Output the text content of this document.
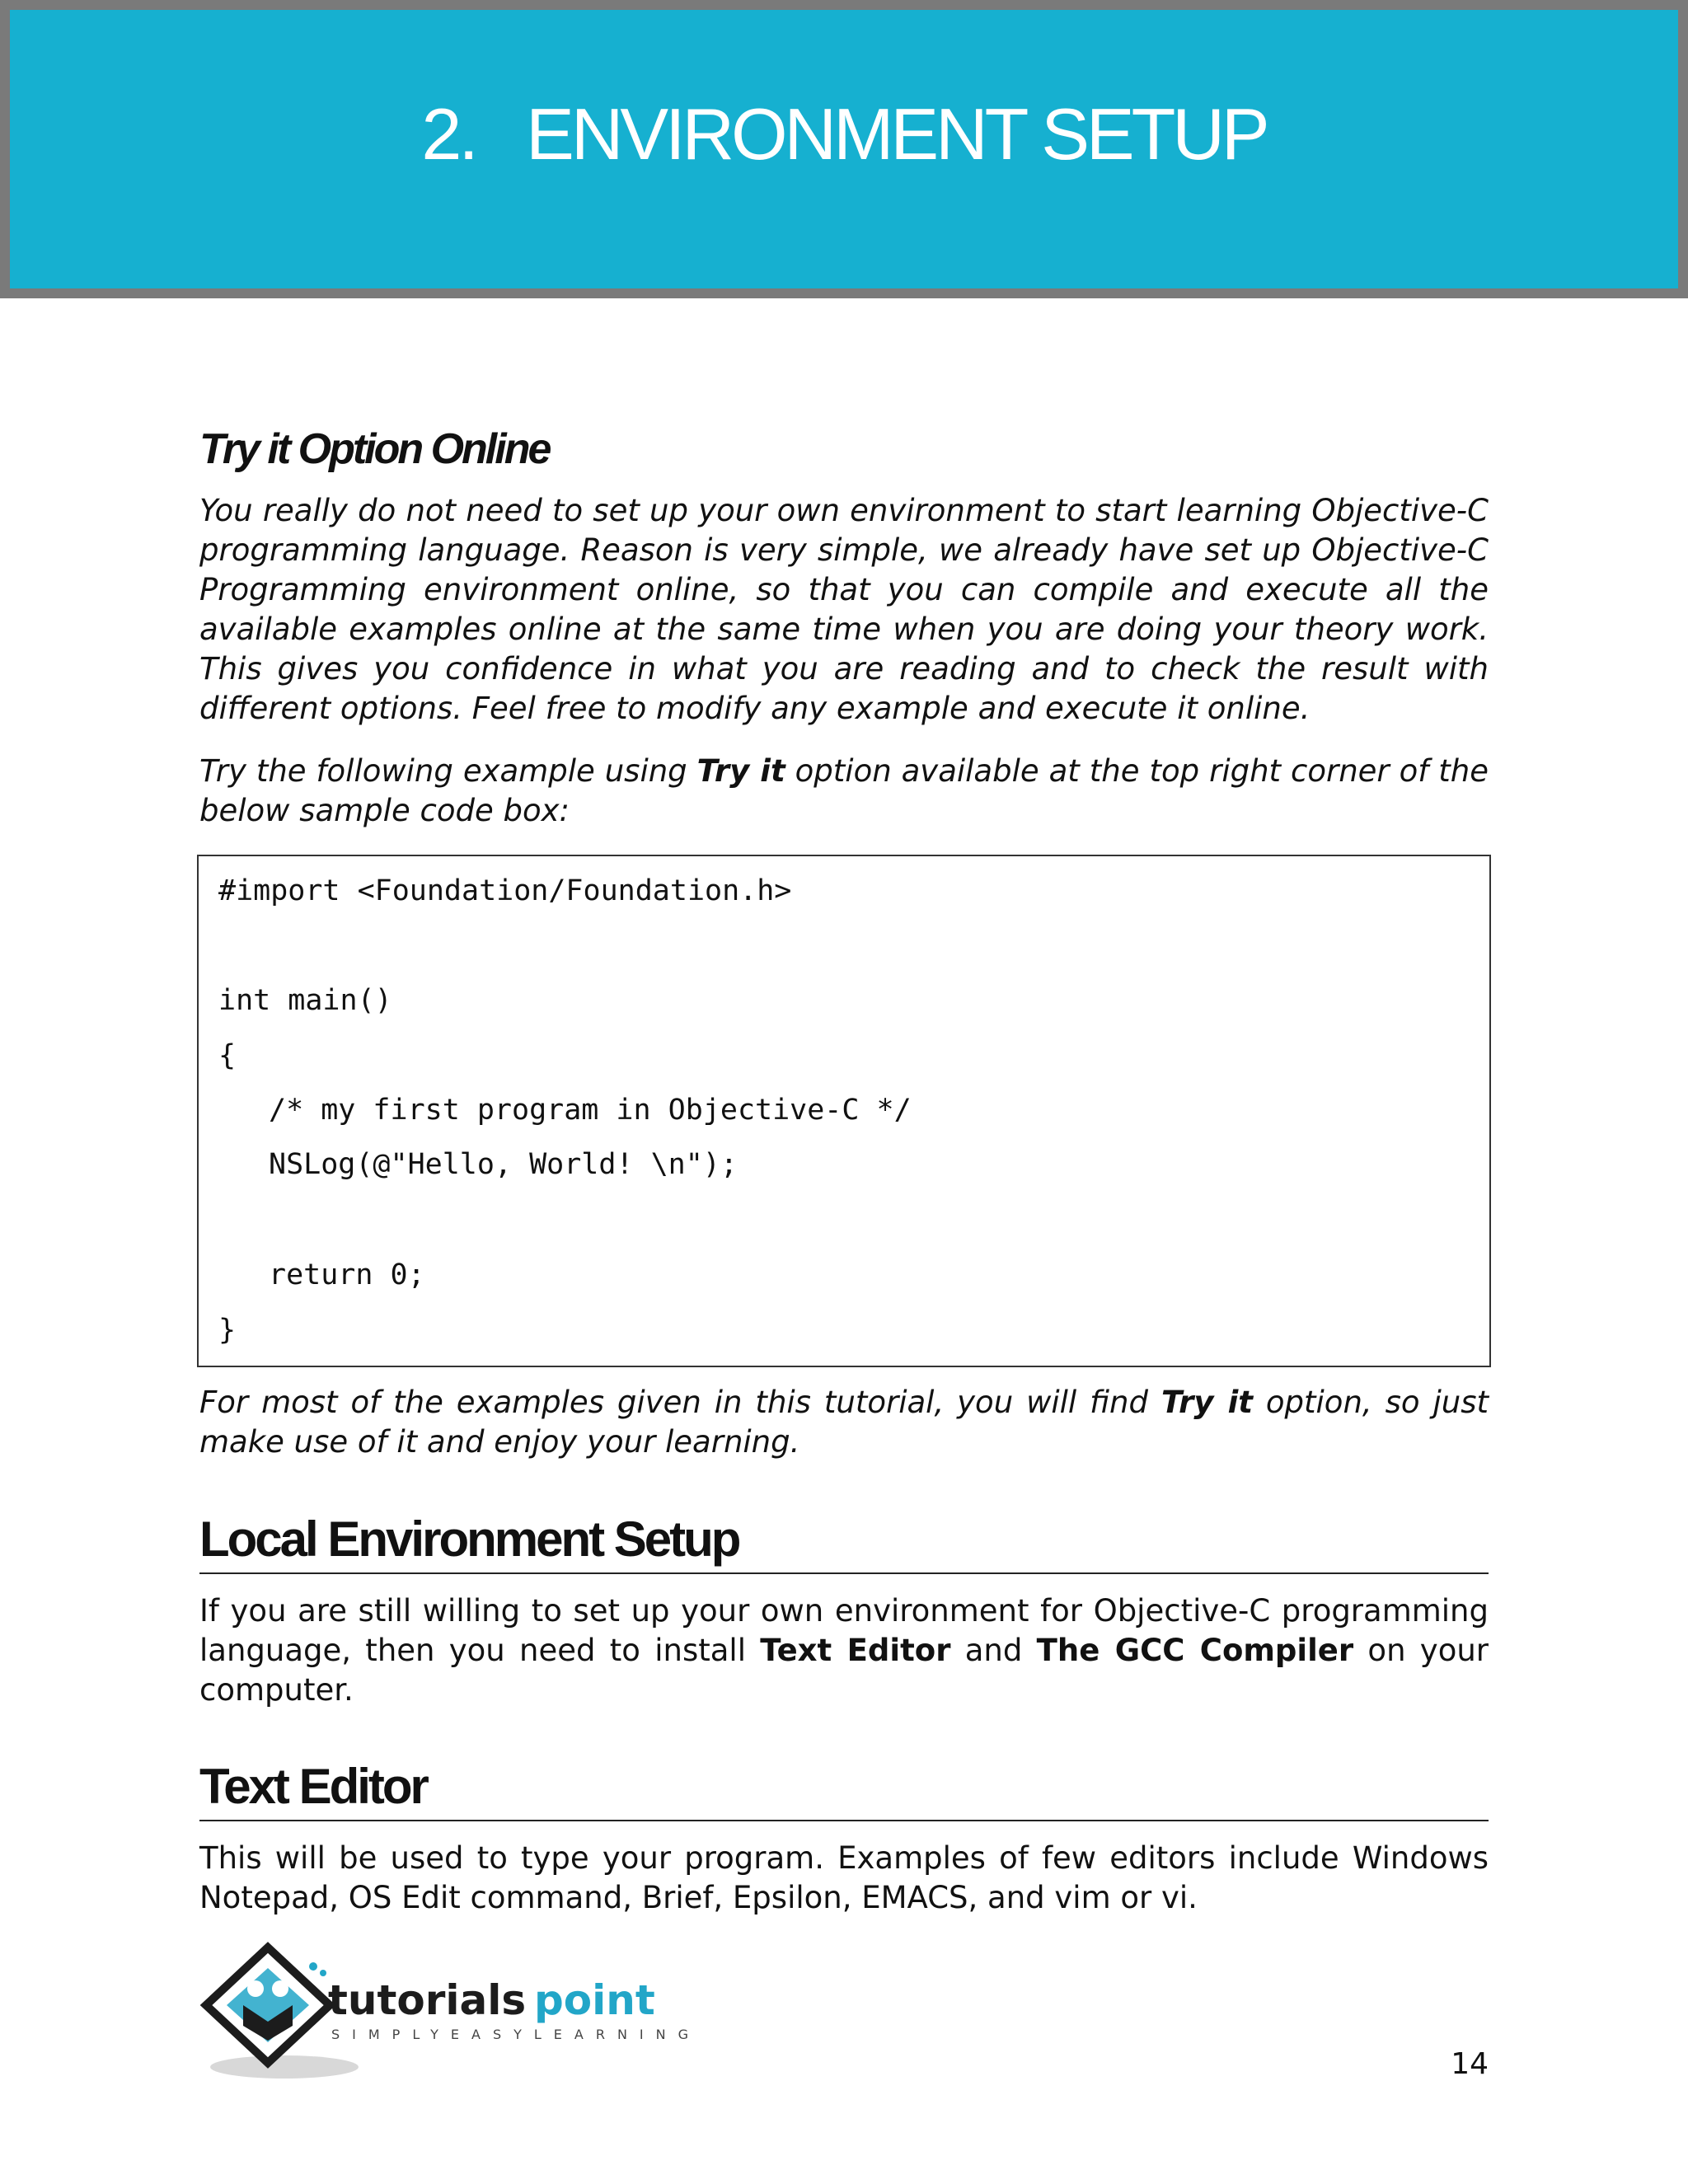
2. ENVIRONMENT SETUP
Try it Option Online

You really do not need to set up your own environment to start learning Objective-C programming language. Reason is very simple, we already have set up Objective-C Programming environment online, so that you can compile and execute all the available examples online at the same time when you are doing your theory work. This gives you confidence in what you are reading and to check the result with different options. Feel free to modify any example and execute it online.

Try the following example using Try it option available at the top right corner of the below sample code box:

#import <Foundation/Foundation.h>
int main()
{
/* my first program in Objective-C */
NSLog(@"Hello, World! \n");
return 0;
}

For most of the examples given in this tutorial, you will find Try it option, so just make use of it and enjoy your learning.

Local Environment Setup

If you are still willing to set up your own environment for Objective-C programming language, then you need to install Text Editor and The GCC Compiler on your computer.

Text Editor

This will be used to type your program. Examples of few editors include Windows Notepad, OS Edit command, Brief, Epsilon, EMACS, and vim or vi.

tutorials point
SIMPLYEASYLEARNING
14
